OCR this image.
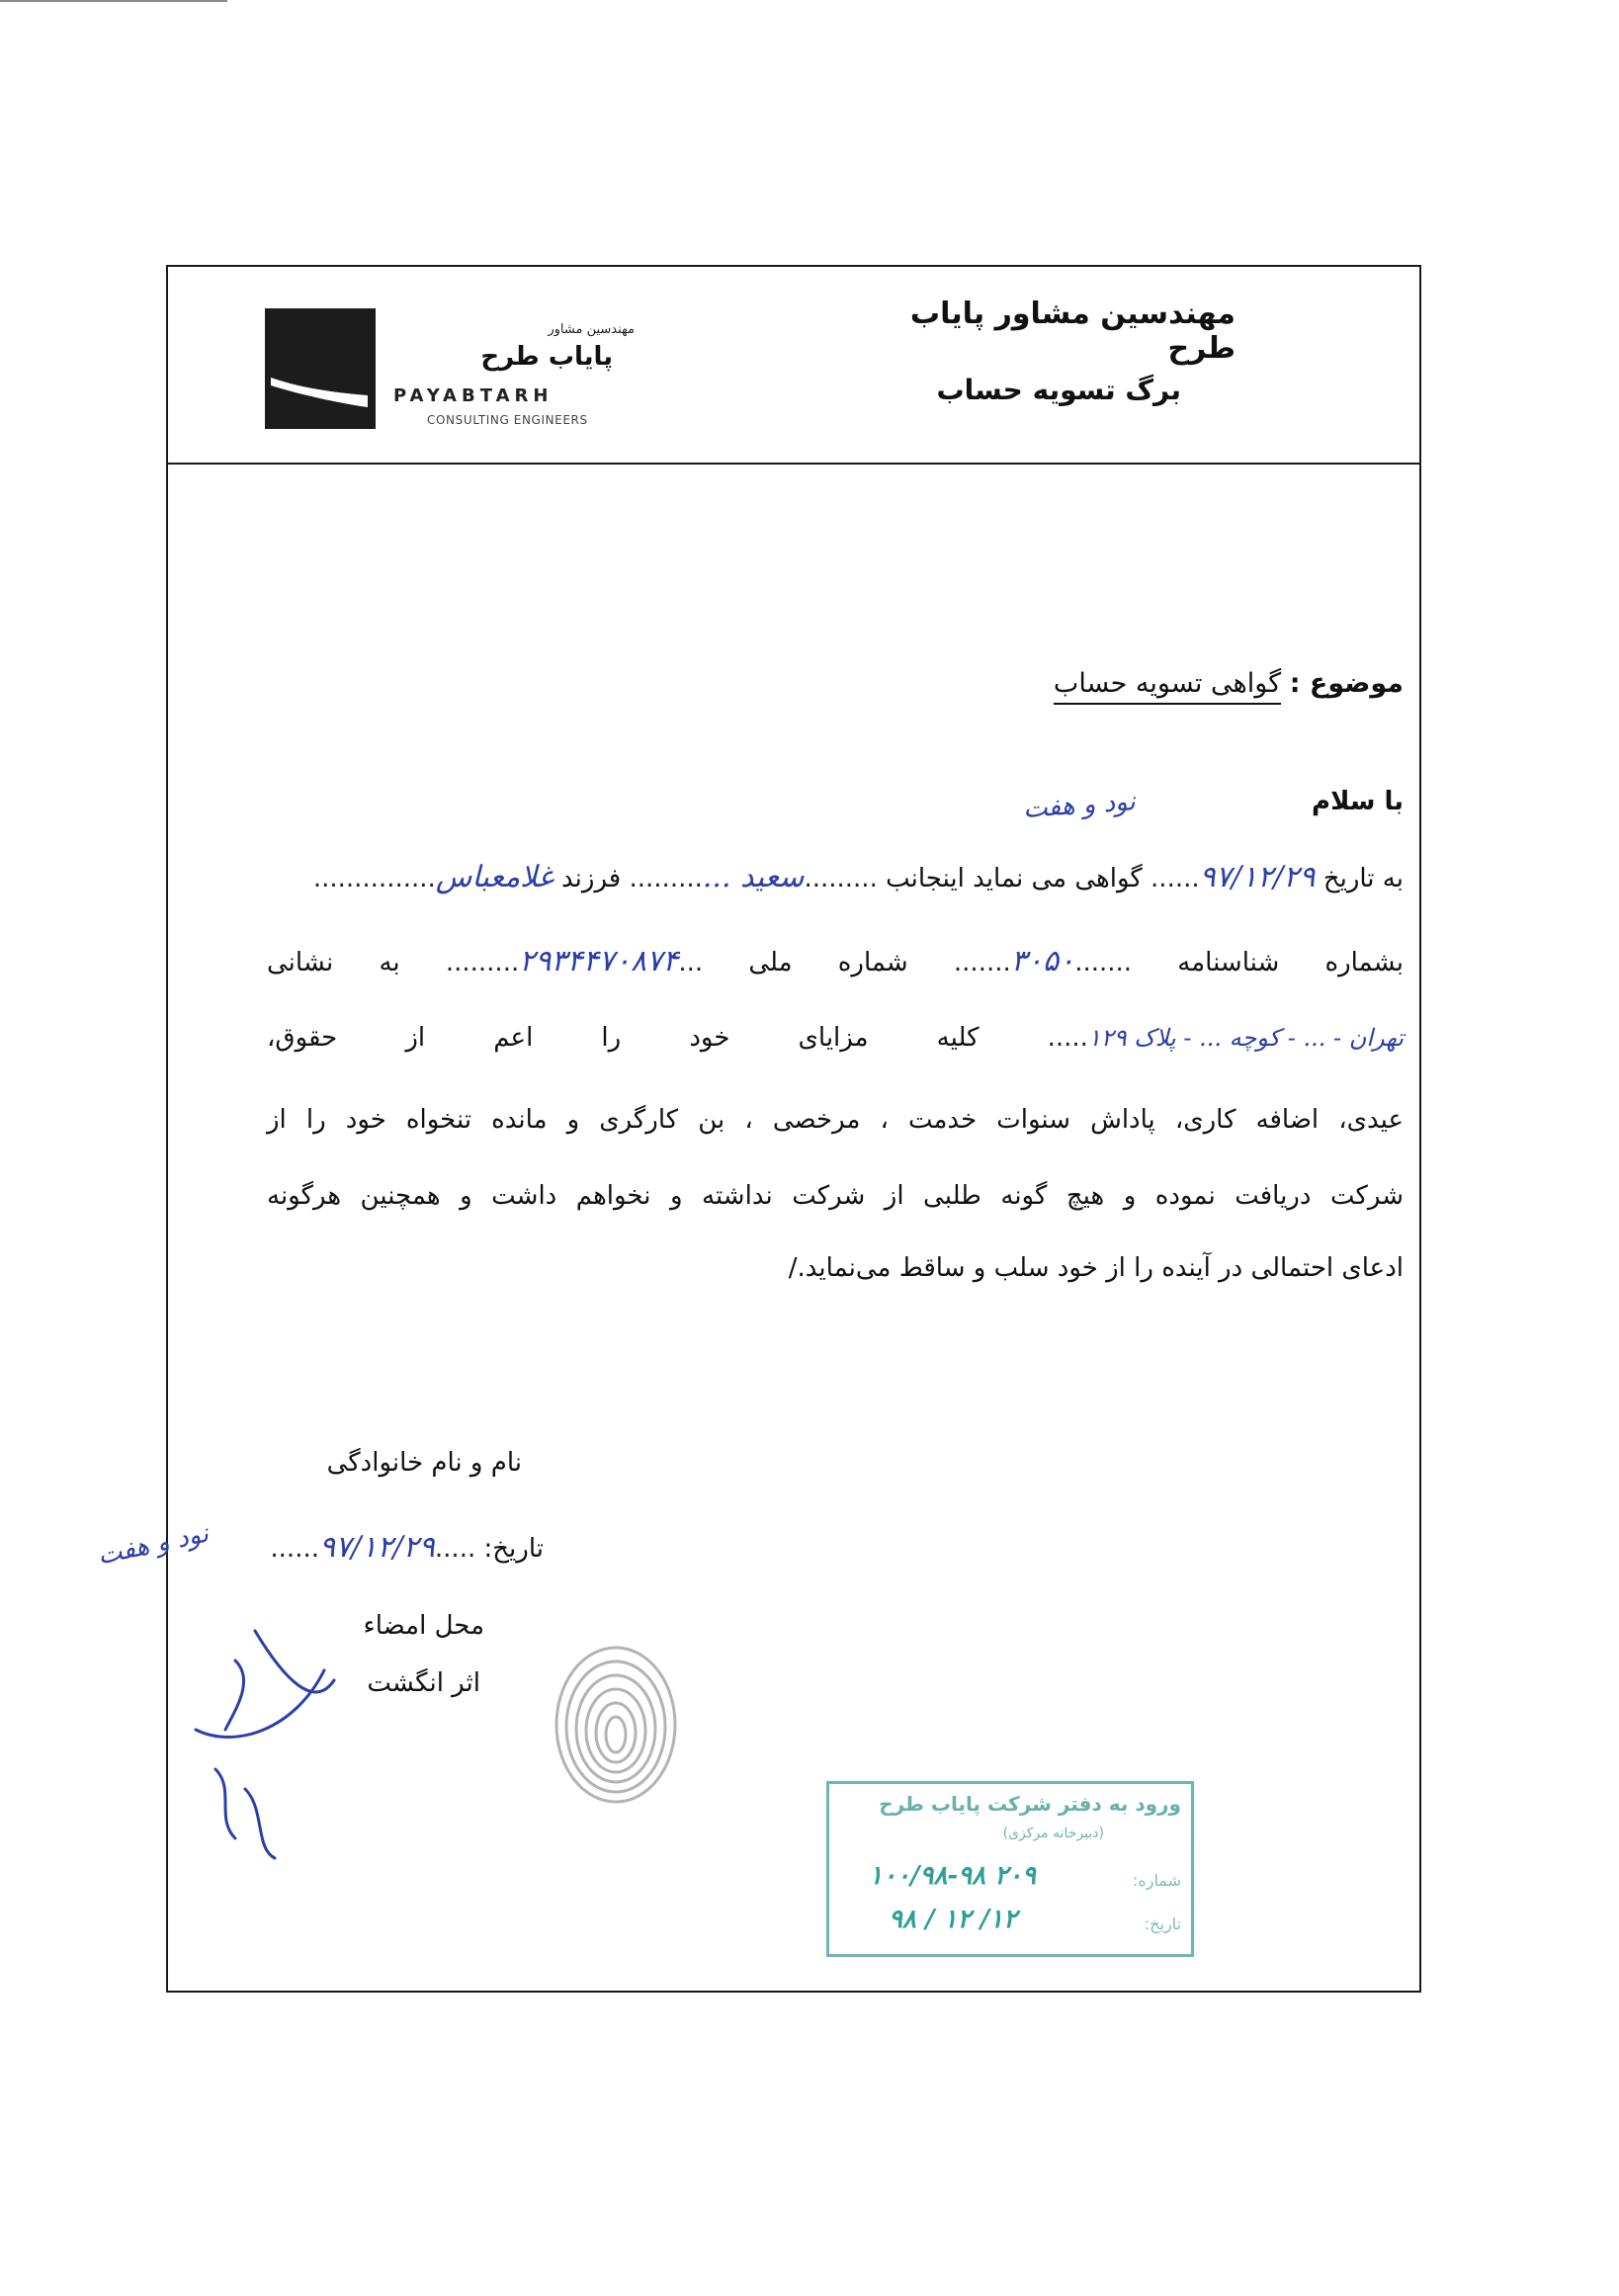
مهندسین مشاور
پایاب طرح
PAYABTARH
CONSULTING ENGINEERS
مهندسین مشاور پایاب طرح
برگ تسویه حساب
موضوع : گواهی تسویه حساب
با سلام
نود و هفت
به تاریخ ۹۷/۱۲/۲۹...... گواهی می نماید اینجانب .........سعید ............ فرزند غلامعباس...............
بشماره شناسنامه .......۳۰۵۰....... شماره ملی ...۲۹۳۴۴۷۰۸۷۴......... به نشانی
تهران - ... - کوچه ... - پلاک ۱۲۹..... کلیه مزایای خود را اعم از حقوق،
عیدی، اضافه کاری، پاداش سنوات خدمت ، مرخصی ، بن کارگری و مانده تنخواه خود را از
شرکت دریافت نموده و هیچ گونه طلبی از شرکت نداشته و نخواهم داشت و همچنین هرگونه
ادعای احتمالی در آینده را از خود سلب و ساقط می‌نماید./
نام و نام خانوادگی
تاریخ: .....۹۷/۱۲/۲۹......
نود و هفت
محل امضاء
اثر انگشت
ورود به دفتر شرکت پایاب طرح
(دبیرخانه مرکزی)
شماره:
۱۰۰/۹۸-۹۸ ۲۰۹
تاریخ:
۹۸ / ۱۲ /۱۲
